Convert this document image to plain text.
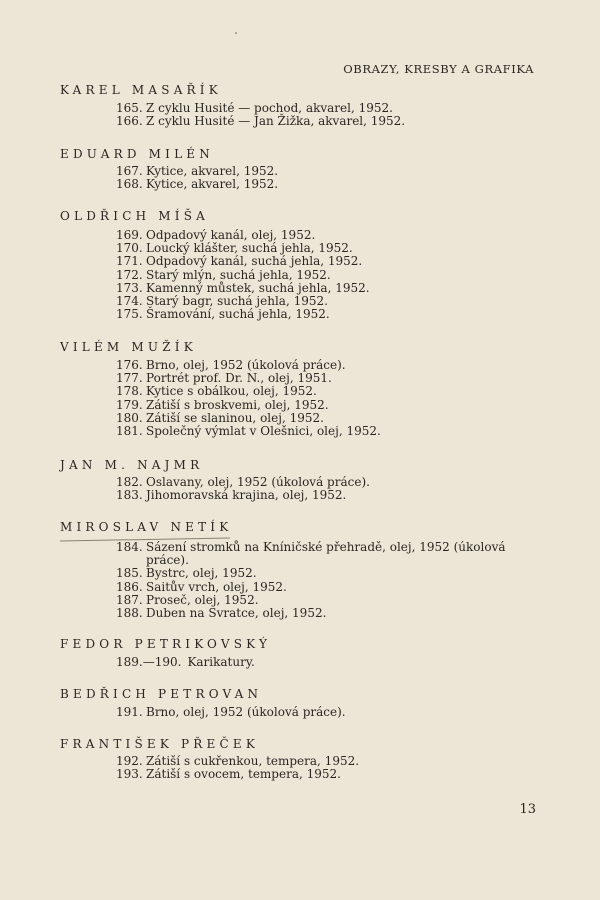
OBRAZY, KRESBY A GRAFIKA
KAREL MASAŘÍK
165. Z cyklu Husité — pochod, akvarel, 1952.
166. Z cyklu Husité — Jan Žižka, akvarel, 1952.
EDUARD MILÉN
167. Kytice, akvarel, 1952.
168. Kytice, akvarel, 1952.
OLDŘICH MÍŠA
169. Odpadový kanál, olej, 1952.
170. Loucký klášter, suchá jehla, 1952.
171. Odpadový kanál, suchá jehla, 1952.
172. Starý mlýn, suchá jehla, 1952.
173. Kamenný můstek, suchá jehla, 1952.
174. Starý bagr, suchá jehla, 1952.
175. Šramování, suchá jehla, 1952.
VILÉM MUŽÍK
176. Brno, olej, 1952 (úkolová práce).
177. Portrét prof. Dr. N., olej, 1951.
178. Kytice s obálkou, olej, 1952.
179. Zátiší s broskvemi, olej, 1952.
180. Zátiší se slaninou, olej, 1952.
181. Společný výmlat v Olešnici, olej, 1952.
JAN M. NAJMR
182. Oslavany, olej, 1952 (úkolová práce).
183. Jihomoravská krajina, olej, 1952.
MIROSLAV NETÍK
184. Sázení stromků na Kníničské přehradě, olej, 1952 (úkolová práce).
185. Bystrc, olej, 1952.
186. Saitův vrch, olej, 1952.
187. Proseč, olej, 1952.
188. Duben na Svratce, olej, 1952.
FEDOR PETRIKOVSKÝ
189.—190. Karikatury.
BEDŘICH PETROVAN
191. Brno, olej, 1952 (úkolová práce).
FRANTIŠEK PŘEČEK
192. Zátiší s cukřenkou, tempera, 1952.
193. Zátiší s ovocem, tempera, 1952.
13
